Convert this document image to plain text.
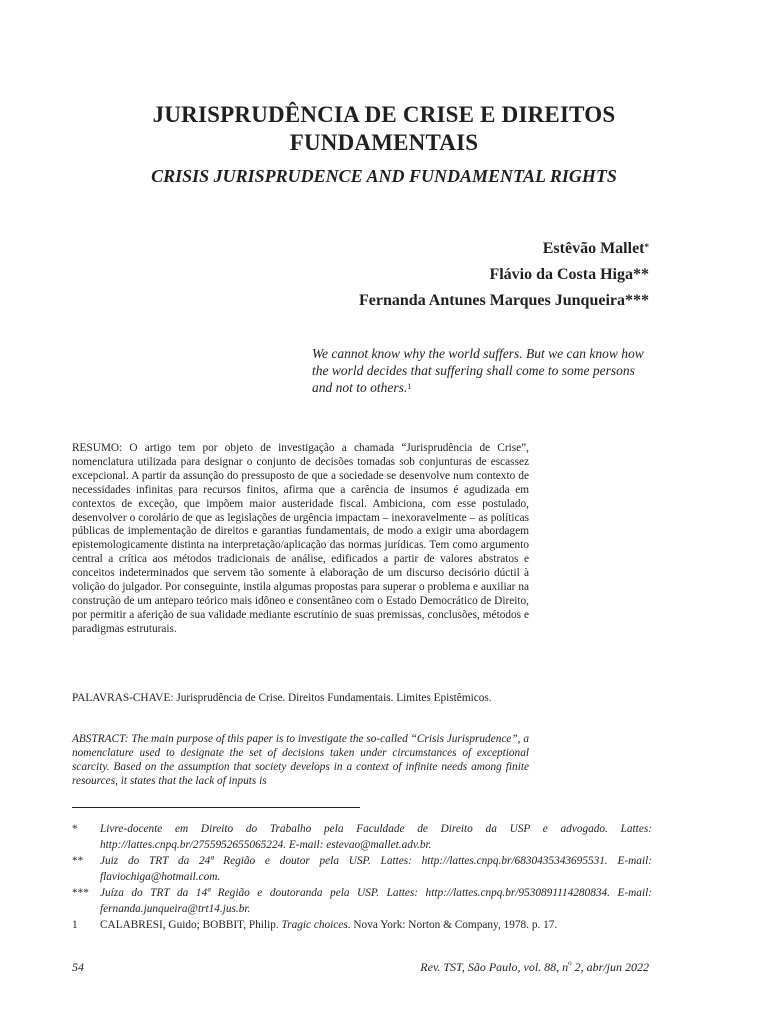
JURISPRUDÊNCIA DE CRISE E DIREITOS FUNDAMENTAIS
CRISIS JURISPRUDENCE AND FUNDAMENTAL RIGHTS
Estêvão Mallet*
Flávio da Costa Higa**
Fernanda Antunes Marques Junqueira***
We cannot know why the world suffers. But we can know how the world decides that suffering shall come to some persons and not to others.$^1$

RESUMO: O artigo tem por objeto de investigação a chamada “Jurisprudência de Crise”, nomenclatura utilizada para designar o conjunto de decisões tomadas sob conjunturas de escassez excepcional. A partir da assunção do pressuposto de que a sociedade se desenvolve num contexto de necessidades infinitas para recursos finitos, afirma que a carência de insumos é agudizada em contextos de exceção, que impõem maior austeridade fiscal. Ambiciona, com esse postulado, desenvolver o corolário de que as legislações de urgência impactam – inexoravelmente – as políticas públicas de implementação de direitos e garantias fundamentais, de modo a exigir uma abordagem epistemologicamente distinta na interpretação/aplicação das normas jurídicas. Tem como argumento central a crítica aos métodos tradicionais de análise, edificados a partir de valores abstratos e conceitos indeterminados que servem tão somente à elaboração de um discurso decisório dúctil à volição do julgador. Por conseguinte, instila algumas propostas para superar o problema e auxiliar na construção de um anteparo teórico mais idôneo e consentâneo com o Estado Democrático de Direito, por permitir a aferição de sua validade mediante escrutínio de suas premissas, conclusões, métodos e paradigmas estruturais.

PALAVRAS-CHAVE: Jurisprudência de Crise. Direitos Fundamentais. Limites Epistêmicos.

ABSTRACT: The main purpose of this paper is to investigate the so-called “Crisis Jurisprudence”, a nomenclature used to designate the set of decisions taken under circumstances of exceptional scarcity. Based on the assumption that society develops in a context of infinite needs among finite resources, it states that the lack of inputs is

* Livre-docente em Direito do Trabalho pela Faculdade de Direito da USP e advogado. Lattes: http://lattes.cnpq.br/2755952655065224. E-mail: estevao@mallet.adv.br.
** Juiz do TRT da 24ª Região e doutor pela USP. Lattes: http://lattes.cnpq.br/6830435343695531. E-mail: flaviochiga@hotmail.com.
*** Juíza do TRT da 14ª Região e doutoranda pela USP. Lattes: http://lattes.cnpq.br/9530891114280834. E-mail: fernanda.junqueira@trt14.jus.br.
1 CALABRESI, Guido; BOBBIT, Philip. Tragic choices. Nova York: Norton & Company, 1978. p. 17.
54	Rev. TST, São Paulo, vol. 88, $n^o$ 2, abr/jun 2022
